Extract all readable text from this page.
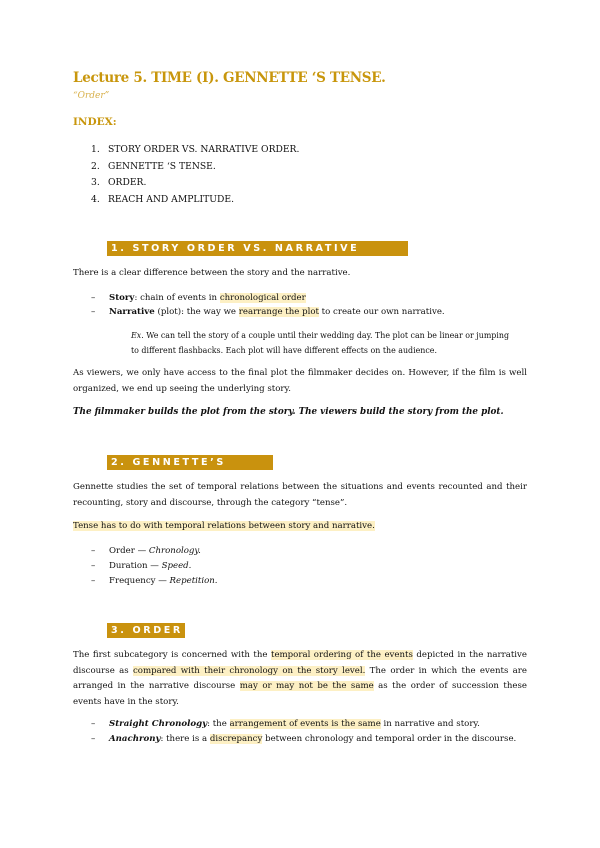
Lecture 5. TIME (I). GENNETTE ‘S TENSE.
“Order”
INDEX:
1. STORY ORDER VS. NARRATIVE ORDER.
2. GENNETTE ‘S TENSE.
3. ORDER.
4. REACH AND AMPLITUDE.
1. STORY ORDER VS. NARRATIVE ORDER .
There is a clear difference between the story and the narrative.
– Story: chain of events in chronological order
– Narrative (plot): the way we rearrange the plot to create our own narrative.
Ex. We can tell the story of a couple until their wedding day. The plot can be linear or jumping to different flashbacks. Each plot will have different effects on the audience.
As viewers, we only have access to the final plot the filmmaker decides on. However, if the film is well organized, we end up seeing the underlying story.
The filmmaker builds the plot from the story. The viewers build the story from the plot.
2. GENNETTE’S TENSE .
Gennette studies the set of temporal relations between the situations and events recounted and their recounting, story and discourse, through the category “tense”.
Tense has to do with temporal relations between story and narrative.
– Order — Chronology.
– Duration — Speed.
– Frequency — Repetition.
3. ORDER .
The first subcategory is concerned with the temporal ordering of the events depicted in the narrative discourse as compared with their chronology on the story level. The order in which the events are arranged in the narrative discourse may or may not be the same as the order of succession these events have in the story.
– Straight Chronology: the arrangement of events is the same in narrative and story.
– Anachrony: there is a discrepancy between chronology and temporal order in the discourse.
